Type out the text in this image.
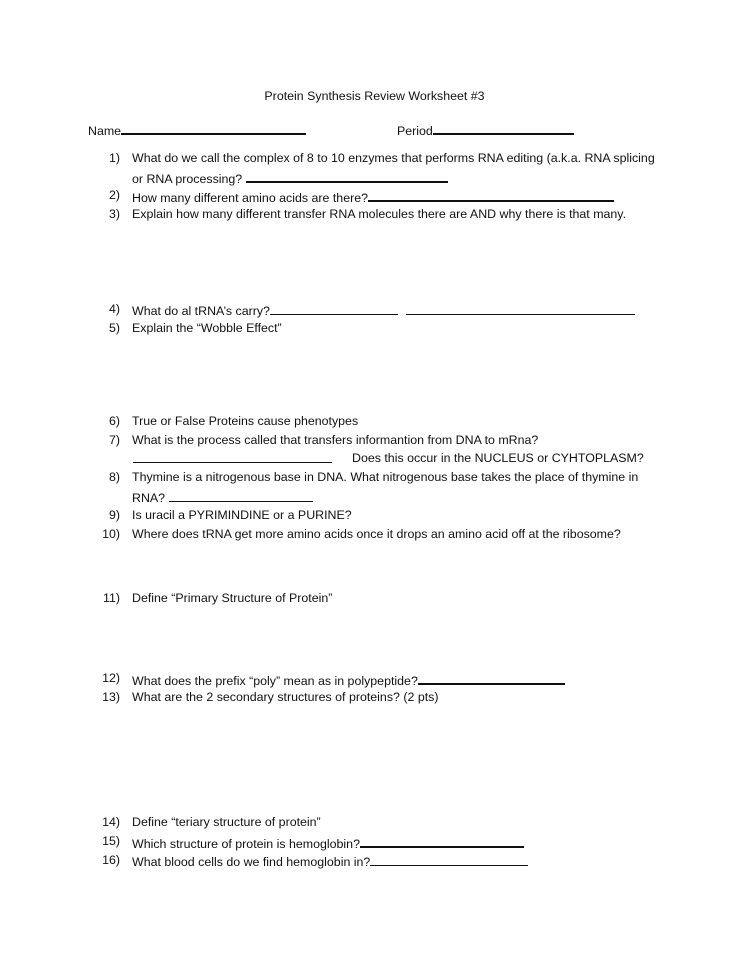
Protein Synthesis Review Worksheet #3
Name	Period
1) What do we call the complex of 8 to 10 enzymes that performs RNA editing (a.k.a. RNA splicing
or RNA processing?
2) How many different amino acids are there?
3) Explain how many different transfer RNA molecules there are AND why there is that many.
4) What do al tRNA’s carry?
5) Explain the “Wobble Effect”
6) True or False Proteins cause phenotypes
7) What is the process called that transfers informantion from DNA to mRna?
Does this occur in the NUCLEUS or CYHTOPLASM?
8) Thymine is a nitrogenous base in DNA. What nitrogenous base takes the place of thymine in
RNA?
9) Is uracil a PYRIMINDINE or a PURINE?
10) Where does tRNA get more amino acids once it drops an amino acid off at the ribosome?
11) Define “Primary Structure of Protein”
12) What does the prefix “poly” mean as in polypeptide?
13) What are the 2 secondary structures of proteins? (2 pts)
14) Define “teriary structure of protein”
15) Which structure of protein is hemoglobin?
16) What blood cells do we find hemoglobin in?
